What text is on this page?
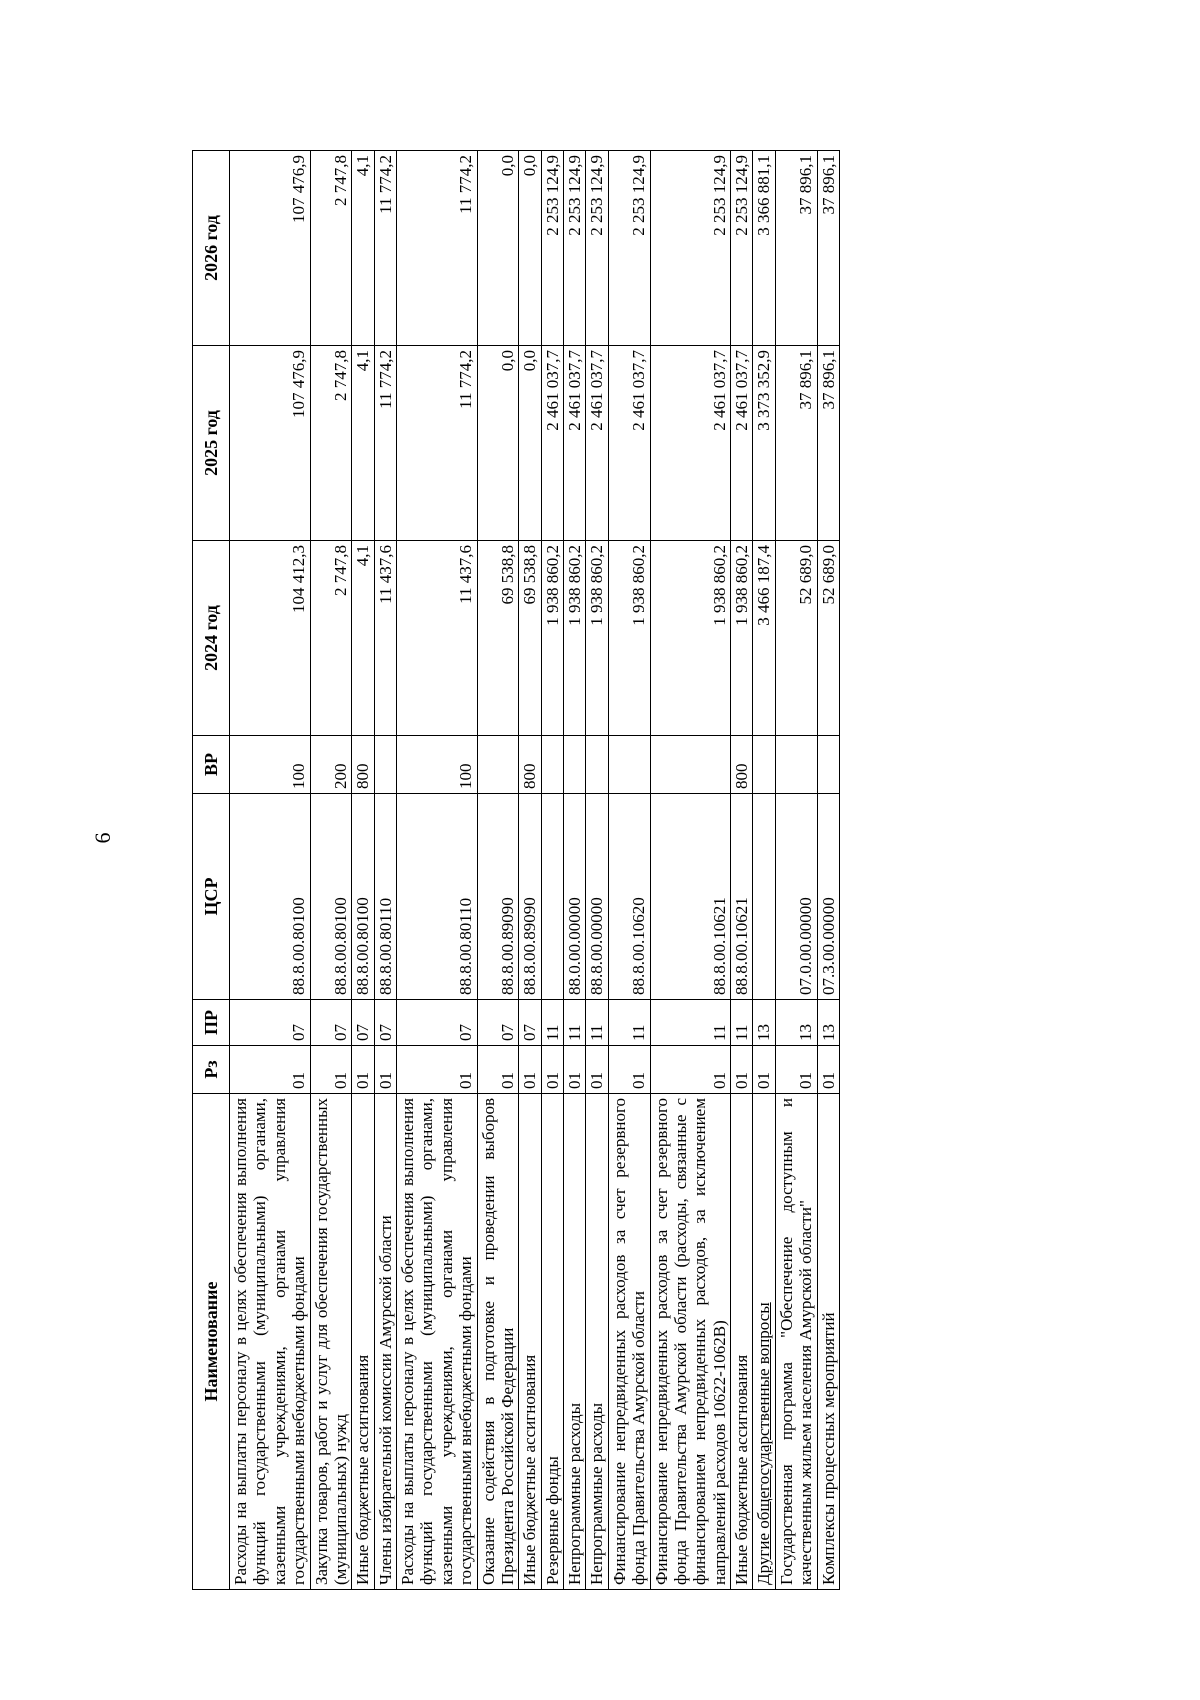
6
Наименование	Рз	ПР	ЦСР	ВР	2024 год	2025 год	2026 год
Расходы на выплаты персоналу в целях обеспечения выполнения функций государственными (муниципальными) органами, казенными учреждениями, органами управления государственными внебюджетными фондами	01	07	88.8.00.80100	100	104 412,3	107 476,9	107 476,9
Закупка товаров, работ и услуг для обеспечения государственных (муниципальных) нужд	01	07	88.8.00.80100	200	2 747,8	2 747,8	2 747,8
Иные бюджетные ассигнования	01	07	88.8.00.80100	800	4,1	4,1	4,1
Члены избирательной комиссии Амурской области	01	07	88.8.00.80110		11 437,6	11 774,2	11 774,2
Расходы на выплаты персоналу в целях обеспечения выполнения функций государственными (муниципальными) органами, казенными учреждениями, органами управления государственными внебюджетными фондами	01	07	88.8.00.80110	100	11 437,6	11 774,2	11 774,2
Оказание содействия в подготовке и проведении выборов Президента Российской Федерации	01	07	88.8.00.89090		69 538,8	0,0	0,0
Иные бюджетные ассигнования	01	07	88.8.00.89090	800	69 538,8	0,0	0,0
Резервные фонды	01	11			1 938 860,2	2 461 037,7	2 253 124,9
Непрограммные расходы	01	11	88.0.00.00000		1 938 860,2	2 461 037,7	2 253 124,9
Непрограммные расходы	01	11	88.8.00.00000		1 938 860,2	2 461 037,7	2 253 124,9
Финансирование непредвиденных расходов за счет резервного фонда Правительства Амурской области	01	11	88.8.00.10620		1 938 860,2	2 461 037,7	2 253 124,9
Финансирование непредвиденных расходов за счет резервного фонда Правительства Амурской области (расходы, связанные с финансированием непредвиденных расходов, за исключением направлений расходов 10622-1062В)	01	11	88.8.00.10621		1 938 860,2	2 461 037,7	2 253 124,9
Иные бюджетные ассигнования	01	11	88.8.00.10621	800	1 938 860,2	2 461 037,7	2 253 124,9
Другие общегосударственные вопросы	01	13			3 466 187,4	3 373 352,9	3 366 881,1
Государственная программа "Обеспечение доступным и качественным жильем населения Амурской области"	01	13	07.0.00.00000		52 689,0	37 896,1	37 896,1
Комплексы процессных мероприятий	01	13	07.3.00.00000		52 689,0	37 896,1	37 896,1
